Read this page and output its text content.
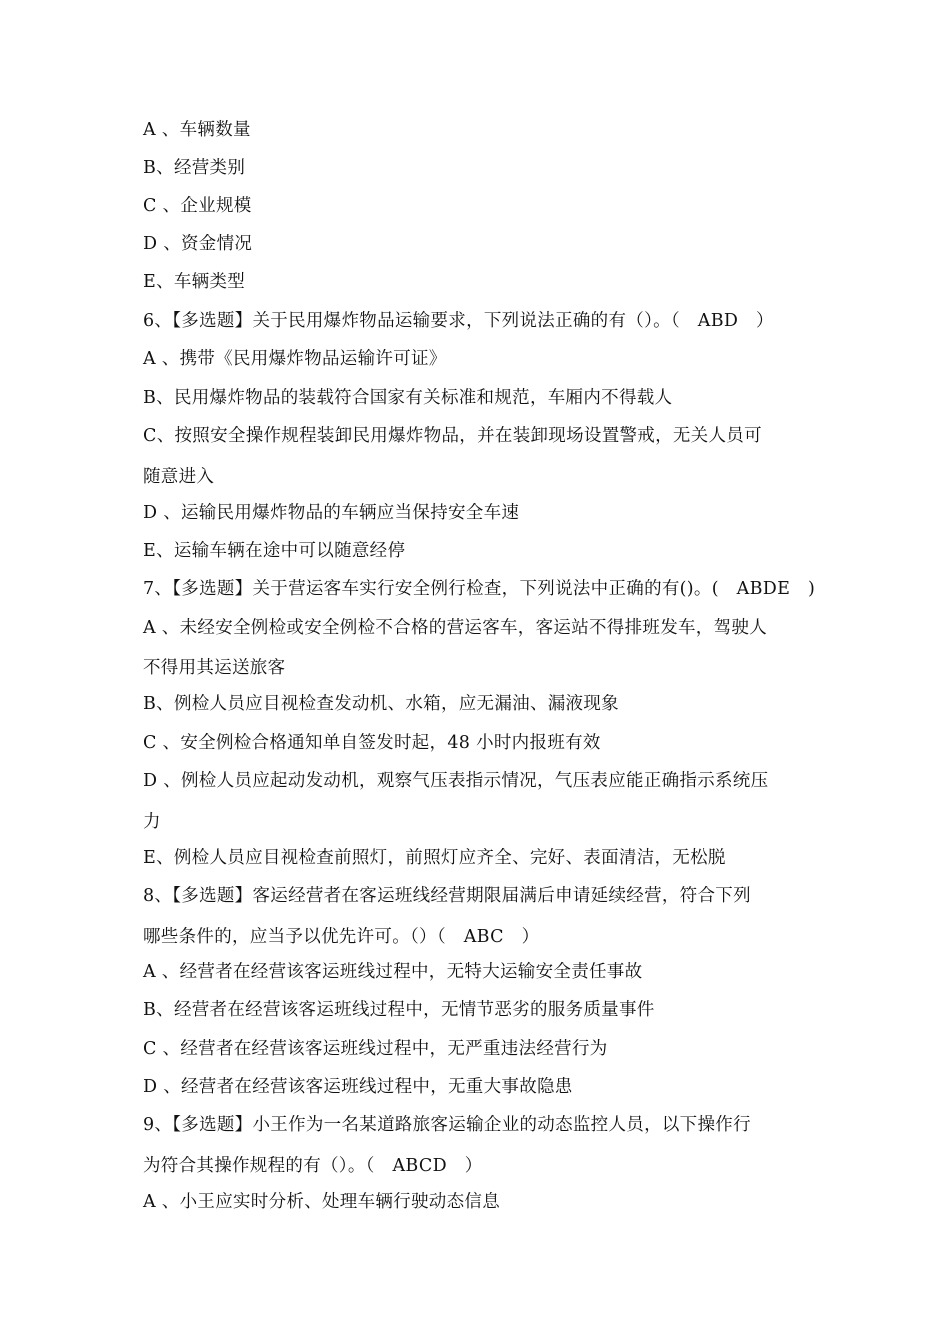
A 、车辆数量
B、经营类别
C 、企业规模
D 、资金情况
E、车辆类型
6、【多选题】关于民用爆炸物品运输要求，下列说法正确的有（）。（　ABD　）
A 、携带《民用爆炸物品运输许可证》
B、民用爆炸物品的装载符合国家有关标准和规范，车厢内不得载人
C、按照安全操作规程装卸民用爆炸物品，并在装卸现场设置警戒，无关人员可
随意进入
D 、运输民用爆炸物品的车辆应当保持安全车速
E、运输车辆在途中可以随意经停
7、【多选题】关于营运客车实行安全例行检查，下列说法中正确的有()。(　ABDE　)
A 、未经安全例检或安全例检不合格的营运客车，客运站不得排班发车，驾驶人
不得用其运送旅客
B、例检人员应目视检查发动机、水箱，应无漏油、漏液现象
C 、安全例检合格通知单自签发时起，48 小时内报班有效
D 、例检人员应起动发动机，观察气压表指示情况，气压表应能正确指示系统压
力
E、例检人员应目视检查前照灯，前照灯应齐全、完好、表面清洁，无松脱
8、【多选题】客运经营者在客运班线经营期限届满后申请延续经营，符合下列
哪些条件的，应当予以优先许可。（）（　ABC　）
A 、经营者在经营该客运班线过程中，无特大运输安全责任事故
B、经营者在经营该客运班线过程中，无情节恶劣的服务质量事件
C 、经营者在经营该客运班线过程中，无严重违法经营行为
D 、经营者在经营该客运班线过程中，无重大事故隐患
9、【多选题】小王作为一名某道路旅客运输企业的动态监控人员，以下操作行
为符合其操作规程的有（）。（　ABCD　）
A 、小王应实时分析、处理车辆行驶动态信息
